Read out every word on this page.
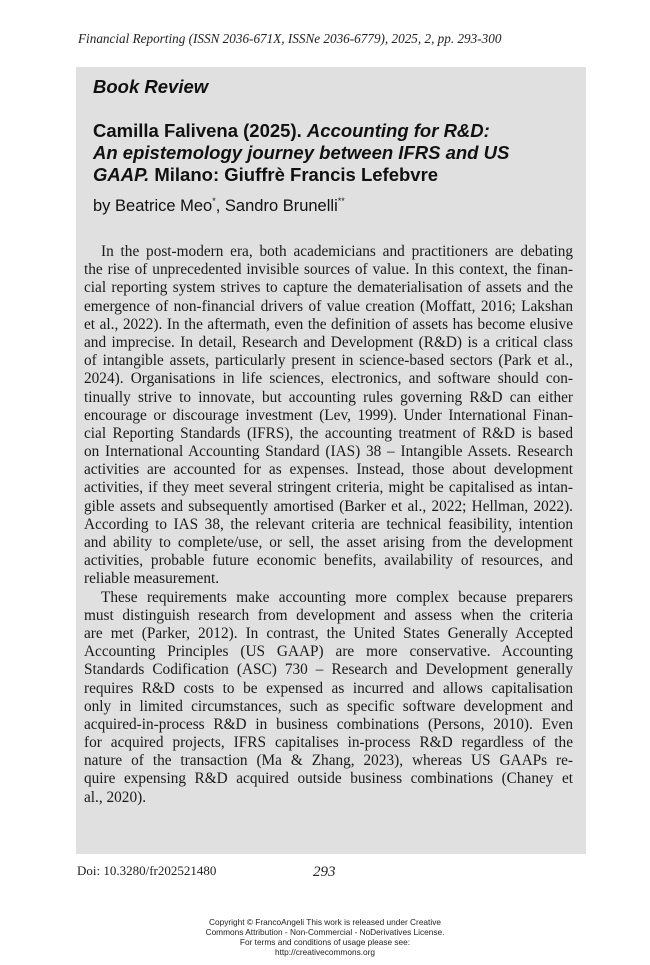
Financial Reporting (ISSN 2036-671X, ISSNe 2036-6779), 2025, 2, pp. 293-300
Book Review
Camilla Falivena (2025). Accounting for R&D:
An epistemology journey between IFRS and US
GAAP. Milano: Giuffrè Francis Lefebvre
by Beatrice Meo*, Sandro Brunelli**
In the post-modern era, both academicians and practitioners are debating
the rise of unprecedented invisible sources of value. In this context, the finan-
cial reporting system strives to capture the dematerialisation of assets and the
emergence of non-financial drivers of value creation (Moffatt, 2016; Lakshan
et al., 2022). In the aftermath, even the definition of assets has become elusive
and imprecise. In detail, Research and Development (R&D) is a critical class
of intangible assets, particularly present in science-based sectors (Park et al.,
2024). Organisations in life sciences, electronics, and software should con-
tinually strive to innovate, but accounting rules governing R&D can either
encourage or discourage investment (Lev, 1999). Under International Finan-
cial Reporting Standards (IFRS), the accounting treatment of R&D is based
on International Accounting Standard (IAS) 38 – Intangible Assets. Research
activities are accounted for as expenses. Instead, those about development
activities, if they meet several stringent criteria, might be capitalised as intan-
gible assets and subsequently amortised (Barker et al., 2022; Hellman, 2022).
According to IAS 38, the relevant criteria are technical feasibility, intention
and ability to complete/use, or sell, the asset arising from the development
activities, probable future economic benefits, availability of resources, and
reliable measurement.
These requirements make accounting more complex because preparers
must distinguish research from development and assess when the criteria
are met (Parker, 2012). In contrast, the United States Generally Accepted
Accounting Principles (US GAAP) are more conservative. Accounting
Standards Codification (ASC) 730 – Research and Development generally
requires R&D costs to be expensed as incurred and allows capitalisation
only in limited circumstances, such as specific software development and
acquired-in-process R&D in business combinations (Persons, 2010). Even
for acquired projects, IFRS capitalises in-process R&D regardless of the
nature of the transaction (Ma & Zhang, 2023), whereas US GAAPs re-
quire expensing R&D acquired outside business combinations (Chaney et
al., 2020).
Doi: 10.3280/fr202521480	293
Copyright © FrancoAngeli This work is released under Creative
Commons Attribution - Non-Commercial - NoDerivatives License.
For terms and conditions of usage please see:
http://creativecommons.org
